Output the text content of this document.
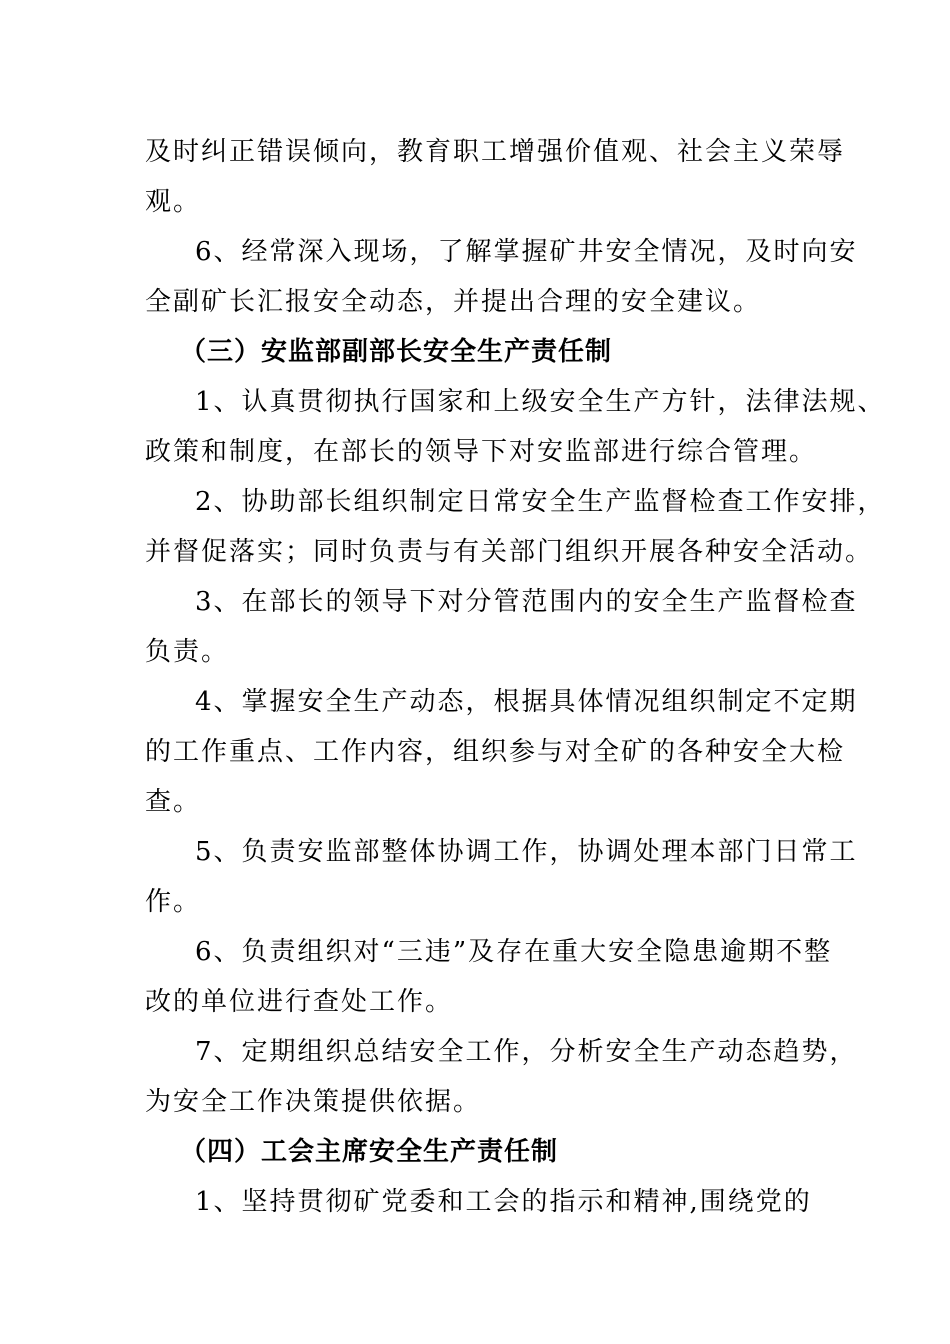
及时纠正错误倾向，教育职工增强价值观、社会主义荣辱
观。
6、经常深入现场，了解掌握矿井安全情况，及时向安
全副矿长汇报安全动态，并提出合理的安全建议。
（三）安监部副部长安全生产责任制
1、认真贯彻执行国家和上级安全生产方针，法律法规、
政策和制度，在部长的领导下对安监部进行综合管理。
2、协助部长组织制定日常安全生产监督检查工作安排，
并督促落实；同时负责与有关部门组织开展各种安全活动。
3、在部长的领导下对分管范围内的安全生产监督检查
负责。
4、掌握安全生产动态，根据具体情况组织制定不定期
的工作重点、工作内容，组织参与对全矿的各种安全大检
查。
5、负责安监部整体协调工作，协调处理本部门日常工
作。
6、负责组织对“三违”及存在重大安全隐患逾期不整
改的单位进行查处工作。
7、定期组织总结安全工作，分析安全生产动态趋势，
为安全工作决策提供依据。
（四）工会主席安全生产责任制
1、坚持贯彻矿党委和工会的指示和精神,围绕党的
